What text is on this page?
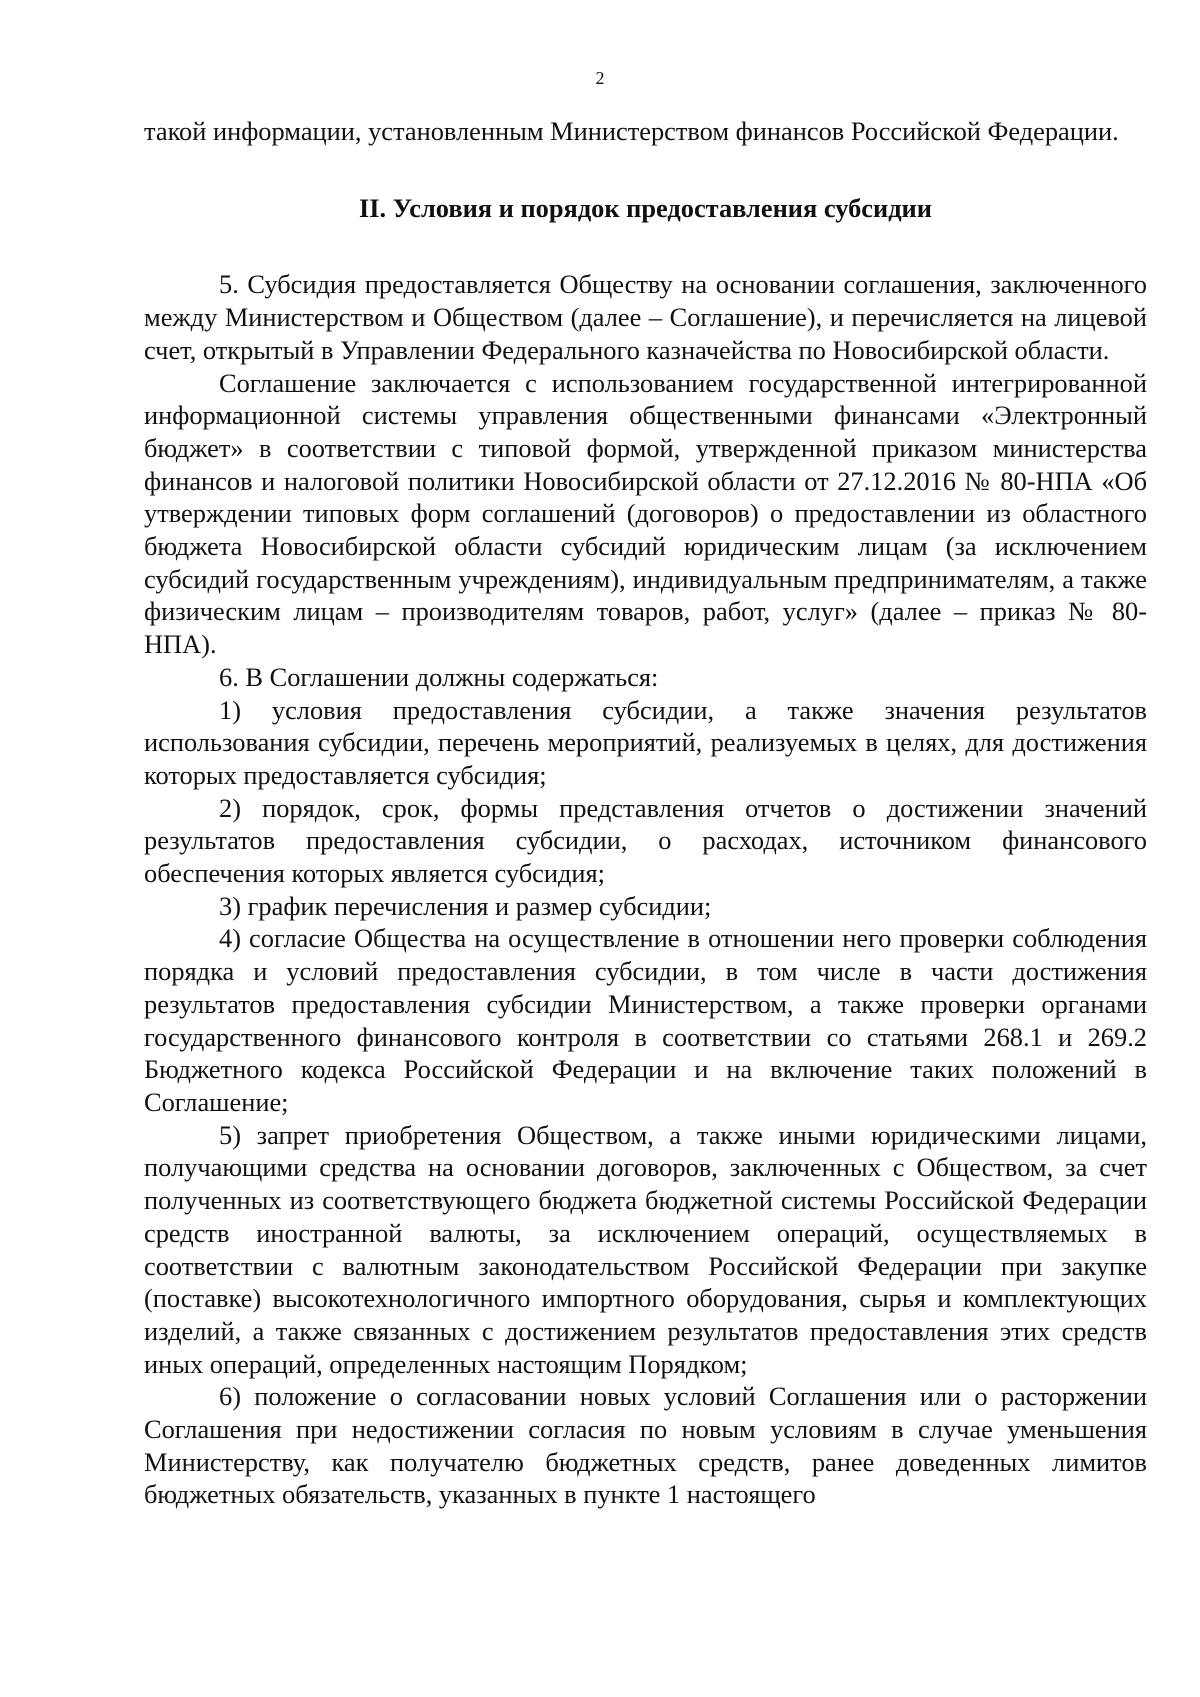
2

такой информации, установленным Министерством финансов Российской Федерации.

II. Условия и порядок предоставления субсидии

5. Субсидия предоставляется Обществу на основании соглашения, заключенного между Министерством и Обществом (далее – Соглашение), и перечисляется на лицевой счет, открытый в Управлении Федерального казначейства по Новосибирской области.

Соглашение заключается с использованием государственной интегрированной информационной системы управления общественными финансами «Электронный бюджет» в соответствии с типовой формой, утвержденной приказом министерства финансов и налоговой политики Новосибирской области от 27.12.2016 № 80-НПА «Об утверждении типовых форм соглашений (договоров) о предоставлении из областного бюджета Новосибирской области субсидий юридическим лицам (за исключением субсидий государственным учреждениям), индивидуальным предпринимателям, а также физическим лицам – производителям товаров, работ, услуг» (далее – приказ № 80-НПА).

6. В Соглашении должны содержаться:

1) условия предоставления субсидии, а также значения результатов использования субсидии, перечень мероприятий, реализуемых в целях, для достижения которых предоставляется субсидия;

2) порядок, срок, формы представления отчетов о достижении значений результатов предоставления субсидии, о расходах, источником финансового обеспечения которых является субсидия;

3) график перечисления и размер субсидии;

4) согласие Общества на осуществление в отношении него проверки соблюдения порядка и условий предоставления субсидии, в том числе в части достижения результатов предоставления субсидии Министерством, а также проверки органами государственного финансового контроля в соответствии со статьями 268.1 и 269.2 Бюджетного кодекса Российской Федерации и на включение таких положений в Соглашение;

5) запрет приобретения Обществом, а также иными юридическими лицами, получающими средства на основании договоров, заключенных с Обществом, за счет полученных из соответствующего бюджета бюджетной системы Российской Федерации средств иностранной валюты, за исключением операций, осуществляемых в соответствии с валютным законодательством Российской Федерации при закупке (поставке) высокотехнологичного импортного оборудования, сырья и комплектующих изделий, а также связанных с достижением результатов предоставления этих средств иных операций, определенных настоящим Порядком;

6) положение о согласовании новых условий Соглашения или о расторжении Соглашения при недостижении согласия по новым условиям в случае уменьшения Министерству, как получателю бюджетных средств, ранее доведенных лимитов бюджетных обязательств, указанных в пункте 1 настоящего
